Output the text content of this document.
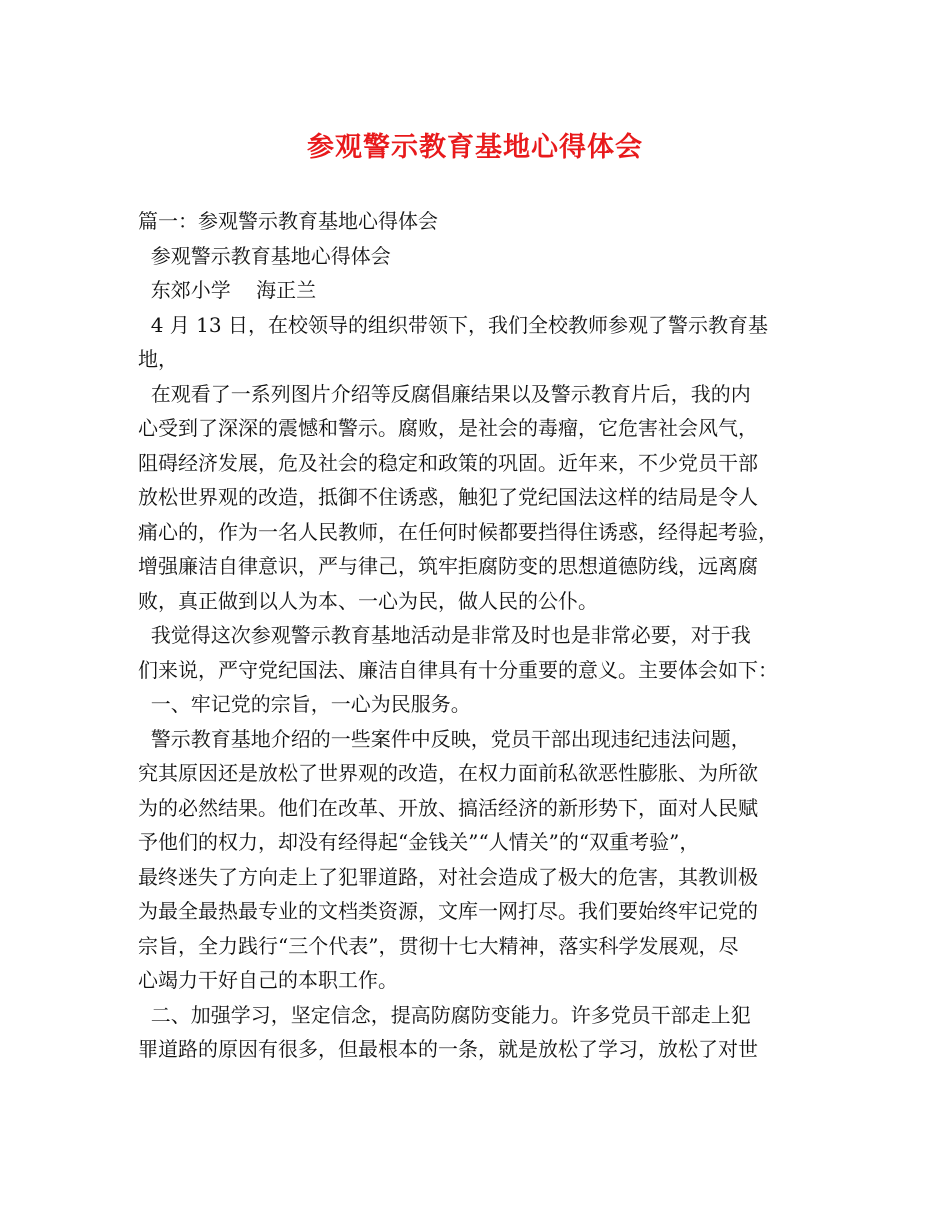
参观警示教育基地心得体会
篇一：参观警示教育基地心得体会
参观警示教育基地心得体会
东郊小学    海正兰
4 月 13 日，在校领导的组织带领下，我们全校教师参观了警示教育基
地，
在观看了一系列图片介绍等反腐倡廉结果以及警示教育片后，我的内
心受到了深深的震憾和警示。腐败，是社会的毒瘤，它危害社会风气，
阻碍经济发展，危及社会的稳定和政策的巩固。近年来，不少党员干部
放松世界观的改造，抵御不住诱惑，触犯了党纪国法这样的结局是令人
痛心的，作为一名人民教师，在任何时候都要挡得住诱惑，经得起考验，
增强廉洁自律意识，严与律己，筑牢拒腐防变的思想道德防线，远离腐
败，真正做到以人为本、一心为民，做人民的公仆。
我觉得这次参观警示教育基地活动是非常及时也是非常必要，对于我
们来说，严守党纪国法、廉洁自律具有十分重要的意义。主要体会如下：
一、牢记党的宗旨，一心为民服务。
警示教育基地介绍的一些案件中反映，党员干部出现违纪违法问题，
究其原因还是放松了世界观的改造，在权力面前私欲恶性膨胀、为所欲
为的必然结果。他们在改革、开放、搞活经济的新形势下，面对人民赋
予他们的权力，却没有经得起“金钱关”“人情关”的“双重考验”，
最终迷失了方向走上了犯罪道路，对社会造成了极大的危害，其教训极
为最全最热最专业的文档类资源，文库一网打尽。我们要始终牢记党的
宗旨，全力践行“三个代表”，贯彻十七大精神，落实科学发展观，尽
心竭力干好自己的本职工作。
二、加强学习，坚定信念，提高防腐防变能力。许多党员干部走上犯
罪道路的原因有很多，但最根本的一条，就是放松了学习，放松了对世
